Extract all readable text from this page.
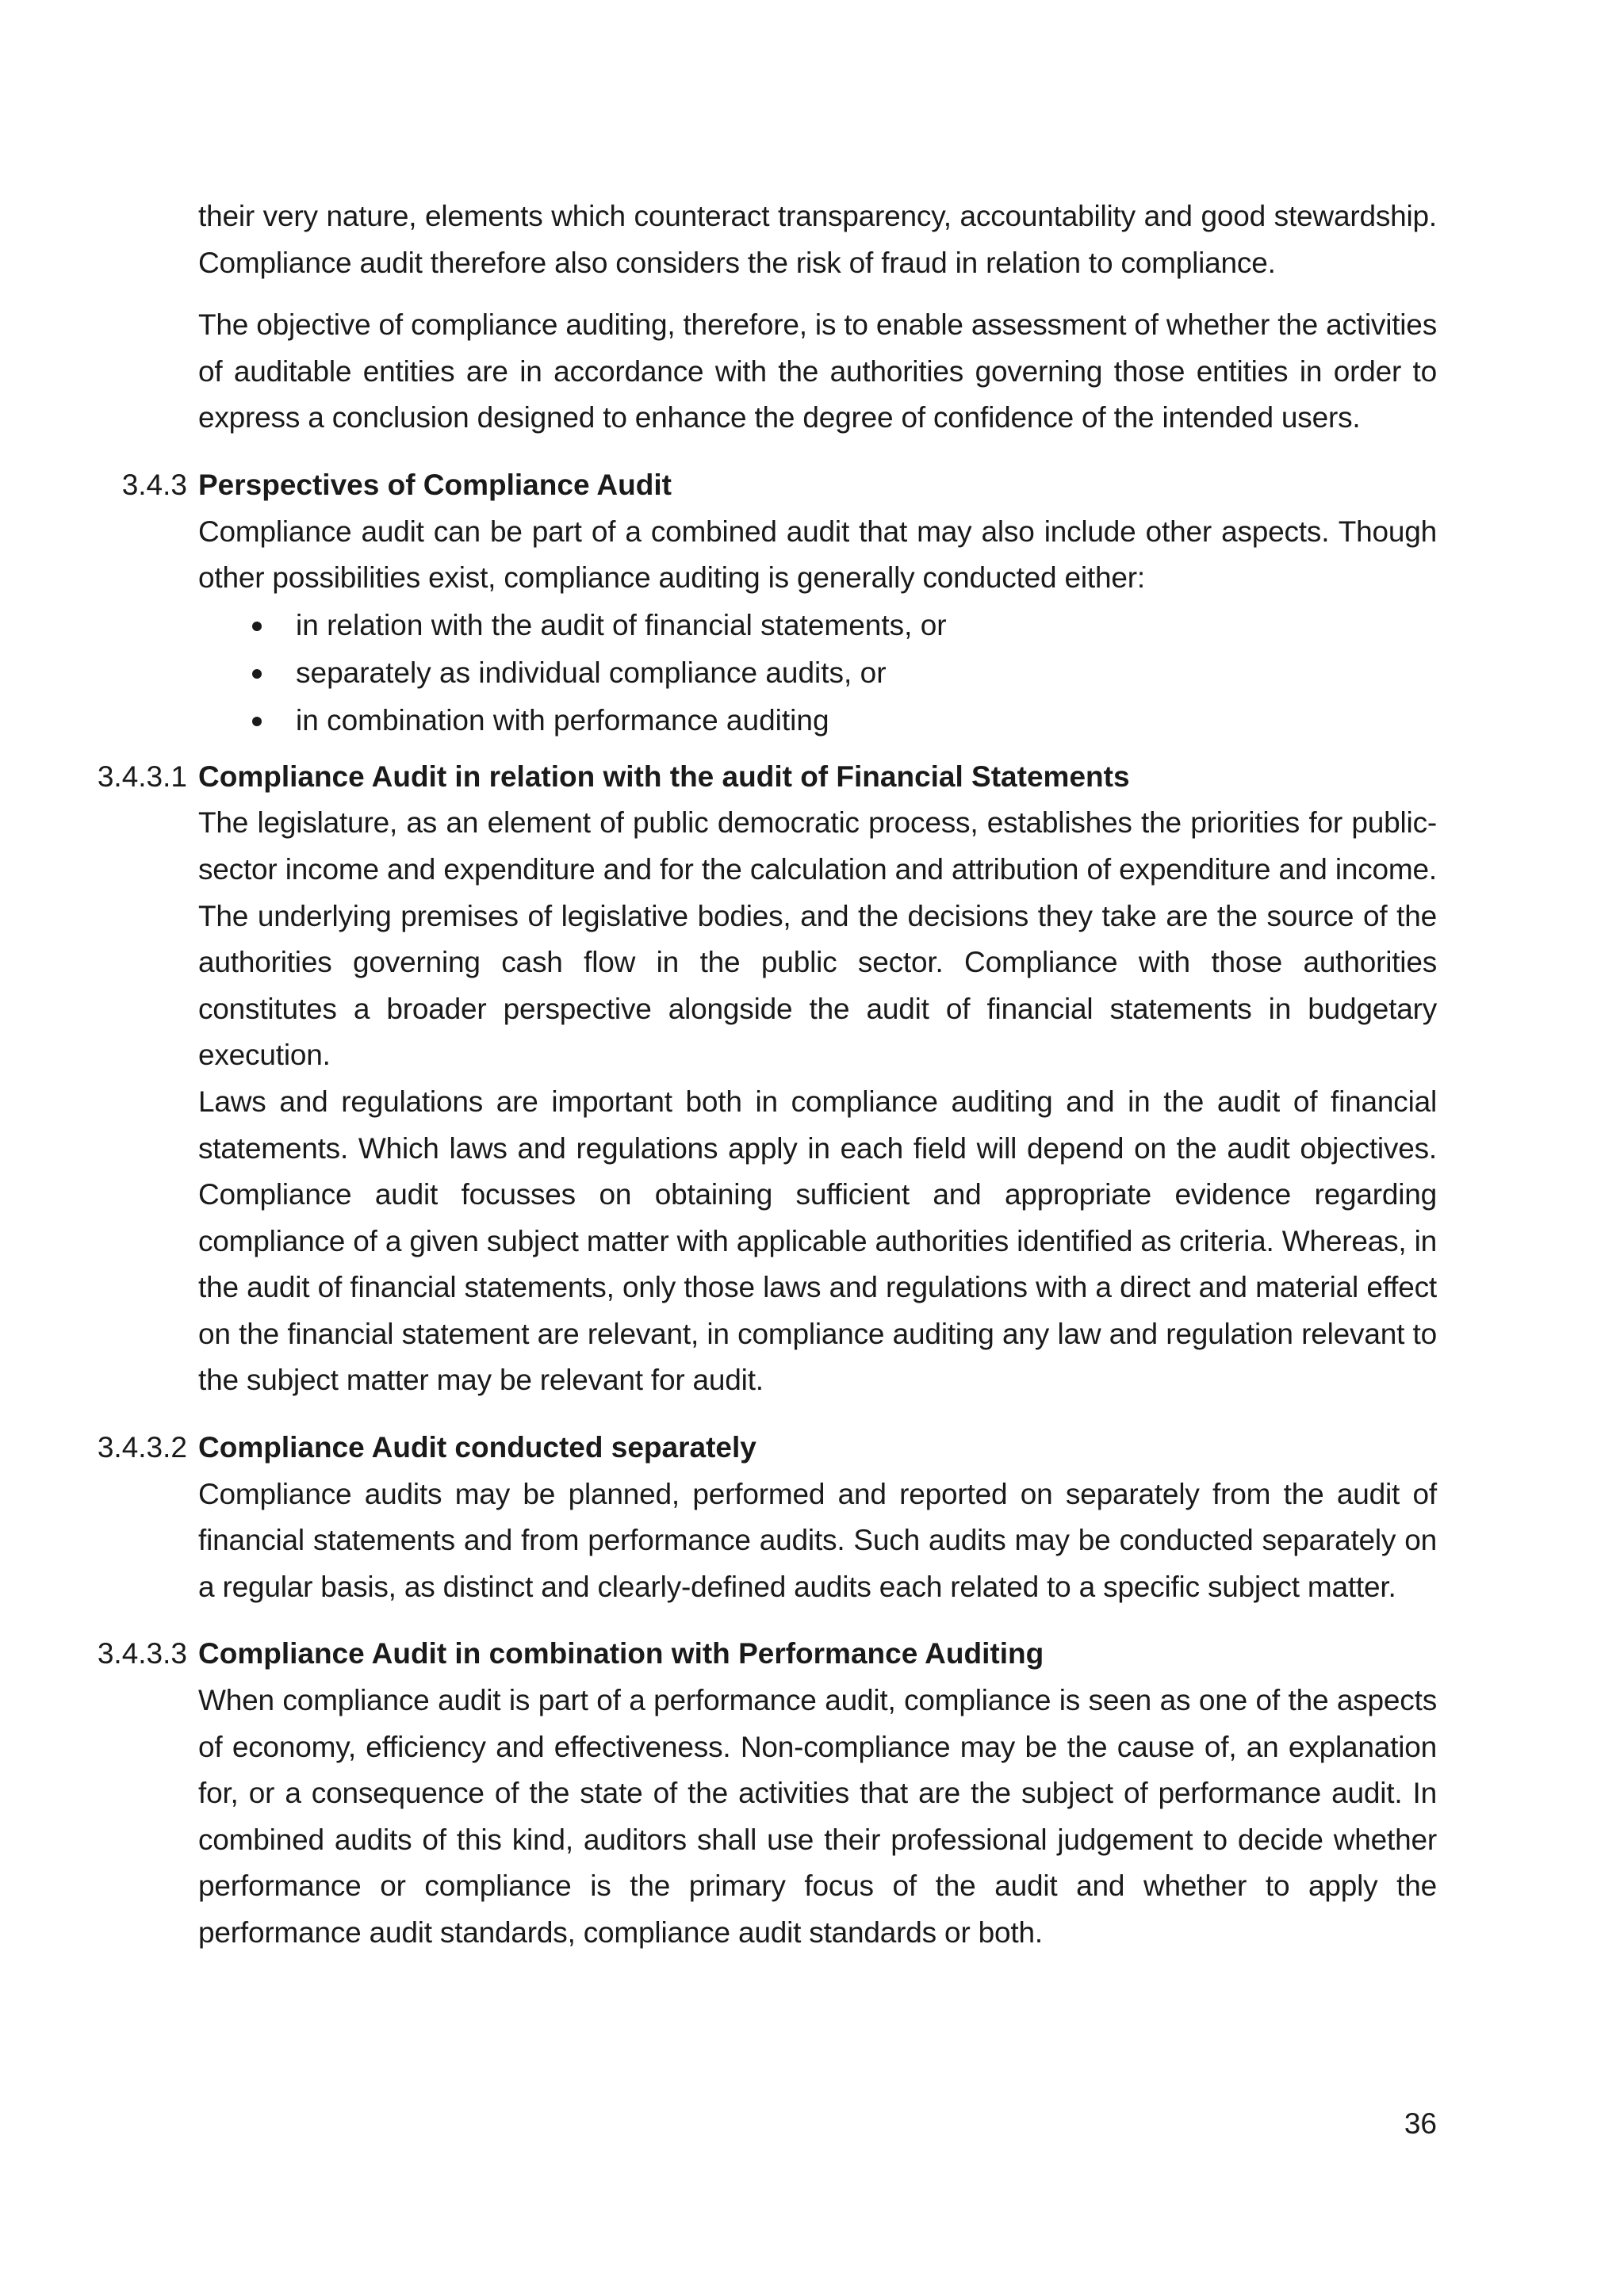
their very nature, elements which counteract transparency, accountability and good stewardship. Compliance audit therefore also considers the risk of fraud in relation to compliance.

The objective of compliance auditing, therefore, is to enable assessment of whether the activities of auditable entities are in accordance with the authorities governing those entities in order to express a conclusion designed to enhance the degree of confidence of the intended users.

3.4.3 Perspectives of Compliance Audit

Compliance audit can be part of a combined audit that may also include other aspects. Though other possibilities exist, compliance auditing is generally conducted either:

in relation with the audit of financial statements, or
separately as individual compliance audits, or
in combination with performance auditing
3.4.3.1 Compliance Audit in relation with the audit of Financial Statements

The legislature, as an element of public democratic process, establishes the priorities for public-sector income and expenditure and for the calculation and attribution of expenditure and income. The underlying premises of legislative bodies, and the decisions they take are the source of the authorities governing cash flow in the public sector. Compliance with those authorities constitutes a broader perspective alongside the audit of financial statements in budgetary execution.

Laws and regulations are important both in compliance auditing and in the audit of financial statements. Which laws and regulations apply in each field will depend on the audit objectives. Compliance audit focusses on obtaining sufficient and appropriate evidence regarding compliance of a given subject matter with applicable authorities identified as criteria. Whereas, in the audit of financial statements, only those laws and regulations with a direct and material effect on the financial statement are relevant, in compliance auditing any law and regulation relevant to the subject matter may be relevant for audit.

3.4.3.2 Compliance Audit conducted separately

Compliance audits may be planned, performed and reported on separately from the audit of financial statements and from performance audits. Such audits may be conducted separately on a regular basis, as distinct and clearly-defined audits each related to a specific subject matter.

3.4.3.3 Compliance Audit in combination with Performance Auditing

When compliance audit is part of a performance audit, compliance is seen as one of the aspects of economy, efficiency and effectiveness. Non-compliance may be the cause of, an explanation for, or a consequence of the state of the activities that are the subject of performance audit. In combined audits of this kind, auditors shall use their professional judgement to decide whether performance or compliance is the primary focus of the audit and whether to apply the performance audit standards, compliance audit standards or both.

36
